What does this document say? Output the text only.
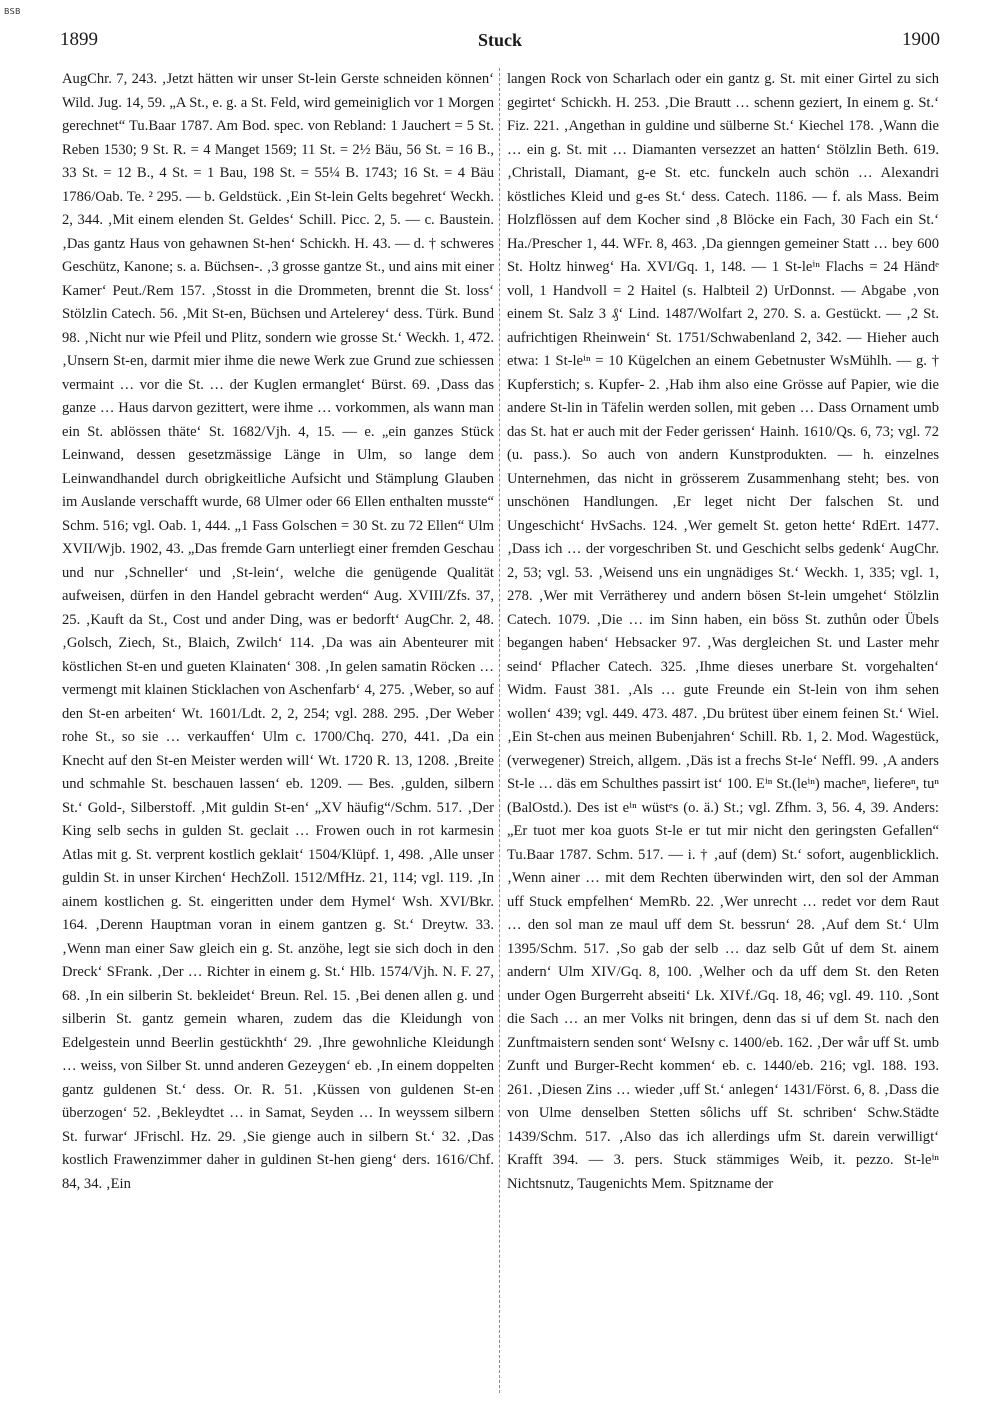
BSB
1899	Stuck	1900

AugChr. 7, 243. ‚Jetzt hätten wir unser St-lein Gerste schneiden können‘ Wild. Jug. 14, 59. „A St., e. g. a St. Feld, wird gemeiniglich vor 1 Morgen gerechnet“ Tu.Baar 1787. Am Bod. spec. von Rebland: 1 Jauchert = 5 St. Reben 1530; 9 St. R. = 4 Manget 1569; 11 St. = 2½ Bäu, 56 St. = 16 B., 33 St. = 12 B., 4 St. = 1 Bau, 198 St. = 55¼ B. 1743; 16 St. = 4 Bäu 1786/Oab. Te. ² 295. — b. Geldstück. ‚Ein St-lein Gelts begehret‘ Weckh. 2, 344. ‚Mit einem elenden St. Geldes‘ Schill. Picc. 2, 5. — c. Baustein. ‚Das gantz Haus von gehawnen St-hen‘ Schickh. H. 43. — d. † schweres Geschütz, Kanone; s. a. Büchsen-. ‚3 grosse gantze St., und ains mit einer Kamer‘ Peut./Rem 157. ‚Stosst in die Drommeten, brennt die St. loss‘ Stölzlin Catech. 56. ‚Mit St-en, Büchsen und Artelerey‘ dess. Türk. Bund 98. ‚Nicht nur wie Pfeil und Plitz, sondern wie grosse St.‘ Weckh. 1, 472. ‚Unsern St-en, darmit mier ihme die newe Werk zue Grund zue schiessen vermaint … vor die St. … der Kuglen ermanglet‘ Bürst. 69. ‚Dass das ganze … Haus darvon gezittert, were ihme … vorkommen, als wann man ein St. ablössen thäte‘ St. 1682/Vjh. 4, 15. — e. „ein ganzes Stück Leinwand, dessen gesetzmässige Länge in Ulm, so lange dem Leinwandhandel durch obrigkeitliche Aufsicht und Stämplung Glauben im Auslande verschafft wurde, 68 Ulmer oder 66 Ellen enthalten musste“ Schm. 516; vgl. Oab. 1, 444. „1 Fass Golschen = 30 St. zu 72 Ellen“ Ulm XVII/Wjb. 1902, 43. „Das fremde Garn unterliegt einer fremden Geschau und nur ‚Schneller‘ und ‚St-lein‘, welche die genügende Qualität aufweisen, dürfen in den Handel gebracht werden“ Aug. XVIII/Zfs. 37, 25. ‚Kauft da St., Cost und ander Ding, was er bedorft‘ AugChr. 2, 48. ‚Golsch, Ziech, St., Blaich, Zwilch‘ 114. ‚Da was ain Abenteurer mit köstlichen St-en und gueten Klainaten‘ 308. ‚In gelen samatin Röcken … vermengt mit klainen Sticklachen von Aschenfarb‘ 4, 275. ‚Weber, so auf den St-en arbeiten‘ Wt. 1601/Ldt. 2, 2, 254; vgl. 288. 295. ‚Der Weber rohe St., so sie … verkauffen‘ Ulm c. 1700/Chq. 270, 441. ‚Da ein Knecht auf den St-en Meister werden will‘ Wt. 1720 R. 13, 1208. ‚Breite und schmahle St. beschauen lassen‘ eb. 1209. — Bes. ‚gulden, silbern St.‘ Gold-, Silberstoff. ‚Mit guldin St-en‘ „XV häufig“/Schm. 517. ‚Der King selb sechs in gulden St. geclait … Frowen ouch in rot karmesin Atlas mit g. St. verprent kostlich geklait‘ 1504/Klüpf. 1, 498. ‚Alle unser guldin St. in unser Kirchen‘ HechZoll. 1512/MfHz. 21, 114; vgl. 119. ‚In ainem kostlichen g. St. eingeritten under dem Hymel‘ Wsh. XVI/Bkr. 164. ‚Derenn Hauptman voran in einem gantzen g. St.‘ Dreytw. 33. ‚Wenn man einer Saw gleich ein g. St. anzöhe, legt sie sich doch in den Dreck‘ SFrank. ‚Der … Richter in einem g. St.‘ Hlb. 1574/Vjh. N. F. 27, 68. ‚In ein silberin St. bekleidet‘ Breun. Rel. 15. ‚Bei denen allen g. und silberin St. gantz gemein wharen, zudem das die Kleidungh von Edelgestein unnd Beerlin gestückhth‘ 29. ‚Ihre gewohnliche Kleidungh … weiss, von Silber St. unnd anderen Gezeygen‘ eb. ‚In einem doppelten gantz guldenen St.‘ dess. Or. R. 51. ‚Küssen von guldenen St-en überzogen‘ 52. ‚Bekleydtet … in Samat, Seyden … In weyssem silbern St. furwar‘ JFrischl. Hz. 29. ‚Sie gienge auch in silbern St.‘ 32. ‚Das kostlich Frawenzimmer daher in guldinen St-hen gieng‘ ders. 1616/Chf. 84, 34. ‚Ein

langen Rock von Scharlach oder ein gantz g. St. mit einer Girtel zu sich gegirtet‘ Schickh. H. 253. ‚Die Brautt … schenn geziert, In einem g. St.‘ Fiz. 221. ‚Angethan in guldine und sülberne St.‘ Kiechel 178. ‚Wann die … ein g. St. mit … Diamanten versezzet an hatten‘ Stölzlin Beth. 619. ‚Christall, Diamant, g-e St. etc. funckeln auch schön … Alexandri köstliches Kleid und g-es St.‘ dess. Catech. 1186. — f. als Mass. Beim Holzflössen auf dem Kocher sind ‚8 Blöcke ein Fach, 30 Fach ein St.‘ Ha./Prescher 1, 44. WFr. 8, 463. ‚Da gienngen gemeiner Statt … bey 600 St. Holtz hinweg‘ Ha. XVI/Gq. 1, 148. — 1 St-leⁱⁿ Flachs = 24 Händᵉ voll, 1 Handvoll = 2 Haitel (s. Halbteil 2) UrDonnst. — Abgabe ‚von einem St. Salz 3 ₰‘ Lind. 1487/Wolfart 2, 270. S. a. Gestückt. — ‚2 St. aufrichtigen Rheinwein‘ St. 1751/Schwabenland 2, 342. — Hieher auch etwa: 1 St-leⁱⁿ = 10 Kügelchen an einem Gebetnuster WsMühlh. — g. † Kupferstich; s. Kupfer- 2. ‚Hab ihm also eine Grösse auf Papier, wie die andere St-lin in Täfelin werden sollen, mit geben … Dass Ornament umb das St. hat er auch mit der Feder gerissen‘ Hainh. 1610/Qs. 6, 73; vgl. 72 (u. pass.). So auch von andern Kunstprodukten. — h. einzelnes Unternehmen, das nicht in grösserem Zusammenhang steht; bes. von unschönen Handlungen. ‚Er leget nicht Der falschen St. und Ungeschicht‘ HvSachs. 124. ‚Wer gemelt St. geton hette‘ RdErt. 1477. ‚Dass ich … der vorgeschriben St. und Geschicht selbs gedenk‘ AugChr. 2, 53; vgl. 53. ‚Weisend uns ein ungnädiges St.‘ Weckh. 1, 335; vgl. 1, 278. ‚Wer mit Verrätherey und andern bösen St-lein umgehet‘ Stölzlin Catech. 1079. ‚Die … im Sinn haben, ein böss St. zuthůn oder Übels begangen haben‘ Hebsacker 97. ‚Was dergleichen St. und Laster mehr seind‘ Pflacher Catech. 325. ‚Ihme dieses unerbare St. vorgehalten‘ Widm. Faust 381. ‚Als … gute Freunde ein St-lein von ihm sehen wollen‘ 439; vgl. 449. 473. 487. ‚Du brütest über einem feinen St.‘ Wiel. ‚Ein St-chen aus meinen Bubenjahren‘ Schill. Rb. 1, 2. Mod. Wagestück, (verwegener) Streich, allgem. ‚Däs ist a frechs St-le‘ Neffl. 99. ‚A anders St-le … däs em Schulthes passirt ist‘ 100. Eⁱⁿ St.(leⁱⁿ) macheⁿ, liefereⁿ, tuⁿ (BalOstd.). Des ist eⁱⁿ wüstᵉs (o. ä.) St.; vgl. Zfhm. 3, 56. 4, 39. Anders: „Er tuot mer koa guots St-le er tut mir nicht den geringsten Gefallen“ Tu.Baar 1787. Schm. 517. — i. † ‚auf (dem) St.‘ sofort, augenblicklich. ‚Wenn ainer … mit dem Rechten überwinden wirt, den sol der Amman uff Stuck empfelhen‘ MemRb. 22. ‚Wer unrecht … redet vor dem Raut … den sol man ze maul uff dem St. bessrun‘ 28. ‚Auf dem St.‘ Ulm 1395/Schm. 517. ‚So gab der selb … daz selb Gůt uf dem St. ainem andern‘ Ulm XIV/Gq. 8, 100. ‚Welher och da uff dem St. den Reten under Ogen Burgerreht abseiti‘ Lk. XIVf./Gq. 18, 46; vgl. 49. 110. ‚Sont die Sach … an mer Volks nit bringen, denn das si uf dem St. nach den Zunftmaistern senden sont‘ WeIsny c. 1400/eb. 162. ‚Der wår uff St. umb Zunft und Burger-Recht kommen‘ eb. c. 1440/eb. 216; vgl. 188. 193. 261. ‚Diesen Zins … wieder ‚uff St.‘ anlegen‘ 1431/Först. 6, 8. ‚Dass die von Ulme denselben Stetten sôlichs uff St. schriben‘ Schw.Städte 1439/Schm. 517. ‚Also das ich allerdings ufm St. darein verwilligt‘ Krafft 394. — 3. pers. Stuck stämmiges Weib, it. pezzo. St-leⁱⁿ Nichtsnutz, Taugenichts Mem. Spitzname der
